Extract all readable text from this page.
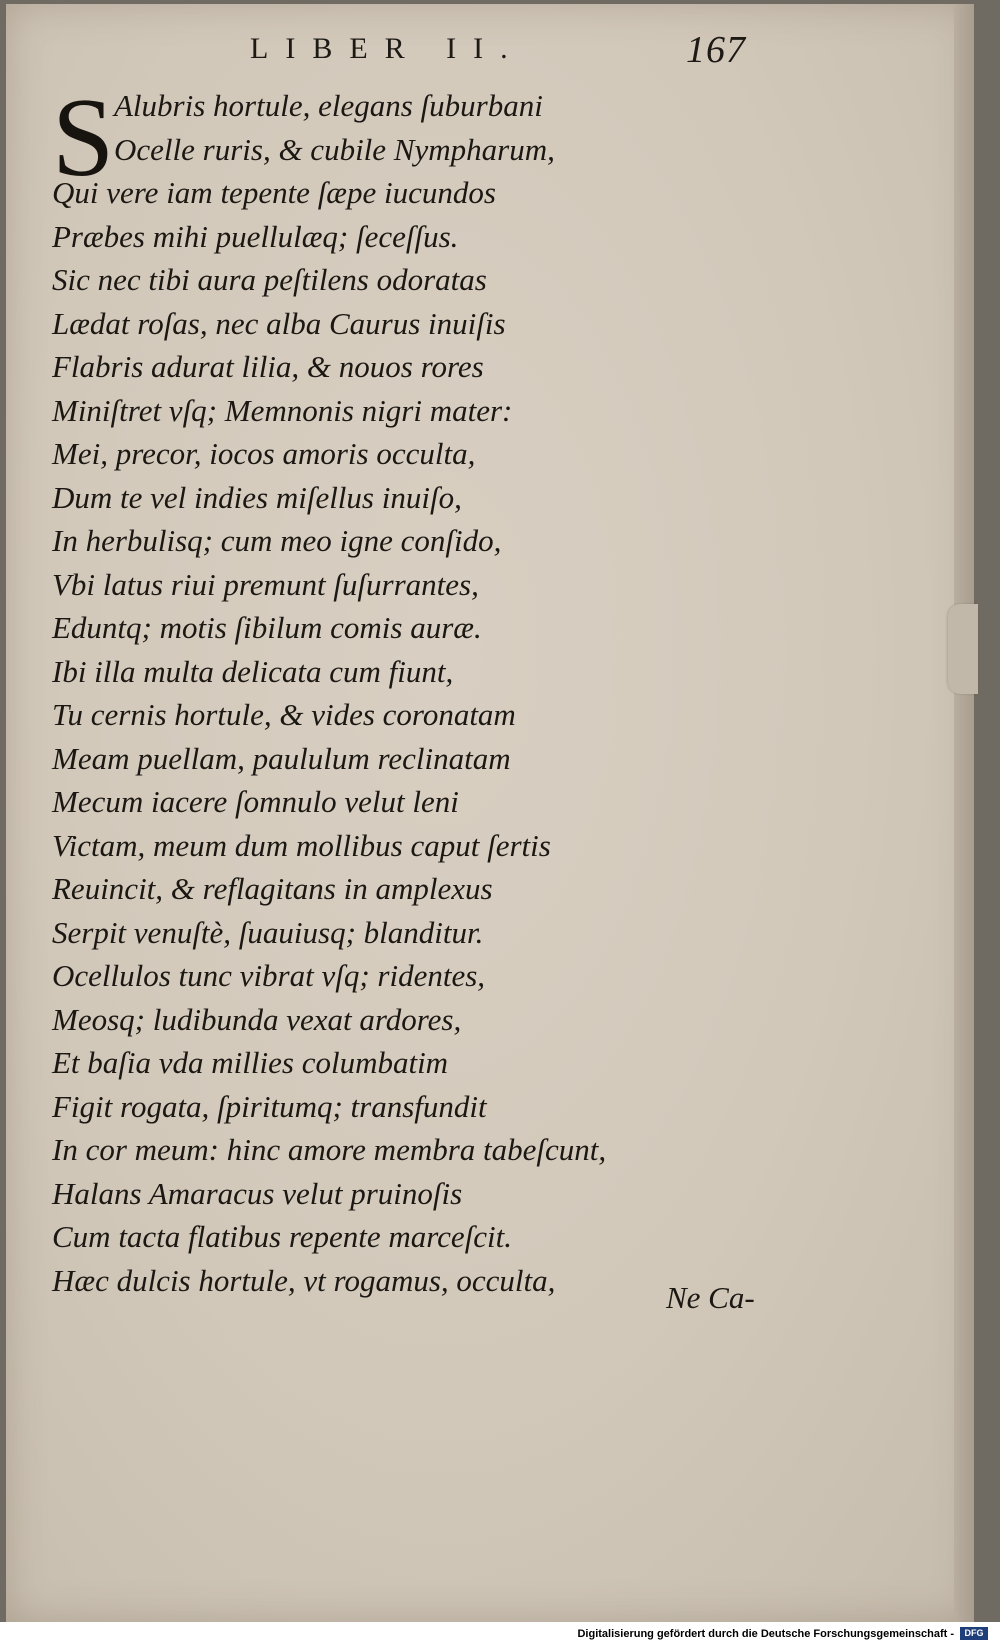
LIBER II.	167
S Alubris hortule, elegans ſuburbani
Ocelle ruris, & cubile Nympharum,
Qui vere iam tepente ſæpe iucundos
Præbes mihi puellulæq; ſeceſſus.
Sic nec tibi aura peſtilens odoratas
Lædat roſas, nec alba Caurus inuiſis
Flabris adurat lilia, & nouos rores
Miniſtret vſq; Memnonis nigri mater:
Mei, precor, iocos amoris occulta,
Dum te vel indies miſellus inuiſo,
In herbulisq; cum meo igne conſido,
Vbi latus riui premunt ſuſurrantes,
Eduntq; motis ſibilum comis auræ.
Ibi illa multa delicata cum fiunt,
Tu cernis hortule, & vides coronatam
Meam puellam, paululum reclinatam
Mecum iacere ſomnulo velut leni
Victam, meum dum mollibus caput ſertis
Reuincit, & reflagitans in amplexus
Serpit venuſtè, ſuauiusq; blanditur.
Ocellulos tunc vibrat vſq; ridentes,
Meosq; ludibunda vexat ardores,
Et baſia vda millies columbatim
Figit rogata, ſpiritumq; transfundit
In cor meum: hinc amore membra tabeſcunt,
Halans Amaracus velut pruinoſis
Cum tacta flatibus repente marceſcit.
Hæc dulcis hortule, vt rogamus, occulta,	Ne Ca-
Digitalisierung gefördert durch die Deutsche Forschungsgemeinschaft -	DFG
